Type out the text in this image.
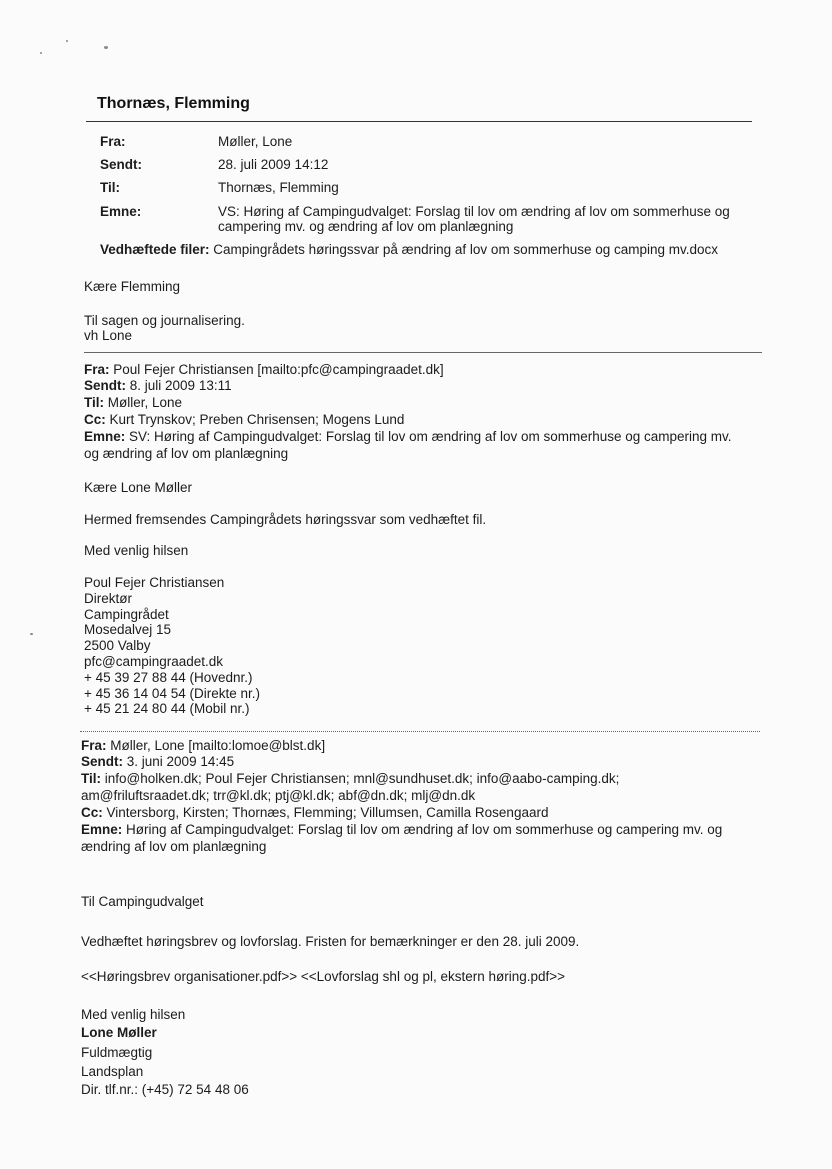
Thornæs, Flemming
Fra:	Møller, Lone
Sendt:	28. juli 2009 14:12
Til:	Thornæs, Flemming
Emne:	VS: Høring af Campingudvalget: Forslag til lov om ændring af lov om sommerhuse og
campering mv. og ændring af lov om planlægning
Vedhæftede filer: Campingrådets høringssvar på ændring af lov om sommerhuse og camping mv.docx
Kære Flemming
Til sagen og journalisering.
vh Lone
Fra: Poul Fejer Christiansen [mailto:pfc@campingraadet.dk]
Sendt: 8. juli 2009 13:11
Til: Møller, Lone
Cc: Kurt Trynskov; Preben Chrisensen; Mogens Lund
Emne: SV: Høring af Campingudvalget: Forslag til lov om ændring af lov om sommerhuse og campering mv.
og ændring af lov om planlægning
Kære Lone Møller
Hermed fremsendes Campingrådets høringssvar som vedhæftet fil.
Med venlig hilsen
Poul Fejer Christiansen
Direktør
Campingrådet
Mosedalvej 15
2500 Valby
pfc@campingraadet.dk
+ 45 39 27 88 44 (Hovednr.)
+ 45 36 14 04 54 (Direkte nr.)
+ 45 21 24 80 44 (Mobil nr.)
Fra: Møller, Lone [mailto:lomoe@blst.dk]
Sendt: 3. juni 2009 14:45
Til: info@holken.dk; Poul Fejer Christiansen; mnl@sundhuset.dk; info@aabo-camping.dk;
am@friluftsraadet.dk; trr@kl.dk; ptj@kl.dk; abf@dn.dk; mlj@dn.dk
Cc: Vintersborg, Kirsten; Thornæs, Flemming; Villumsen, Camilla Rosengaard
Emne: Høring af Campingudvalget: Forslag til lov om ændring af lov om sommerhuse og campering mv. og
ændring af lov om planlægning
Til Campingudvalget
Vedhæftet høringsbrev og lovforslag. Fristen for bemærkninger er den 28. juli 2009.
<<Høringsbrev organisationer.pdf>> <<Lovforslag shl og pl, ekstern høring.pdf>>
Med venlig hilsen
Lone Møller
Fuldmægtig
Landsplan
Dir. tlf.nr.: (+45) 72 54 48 06
